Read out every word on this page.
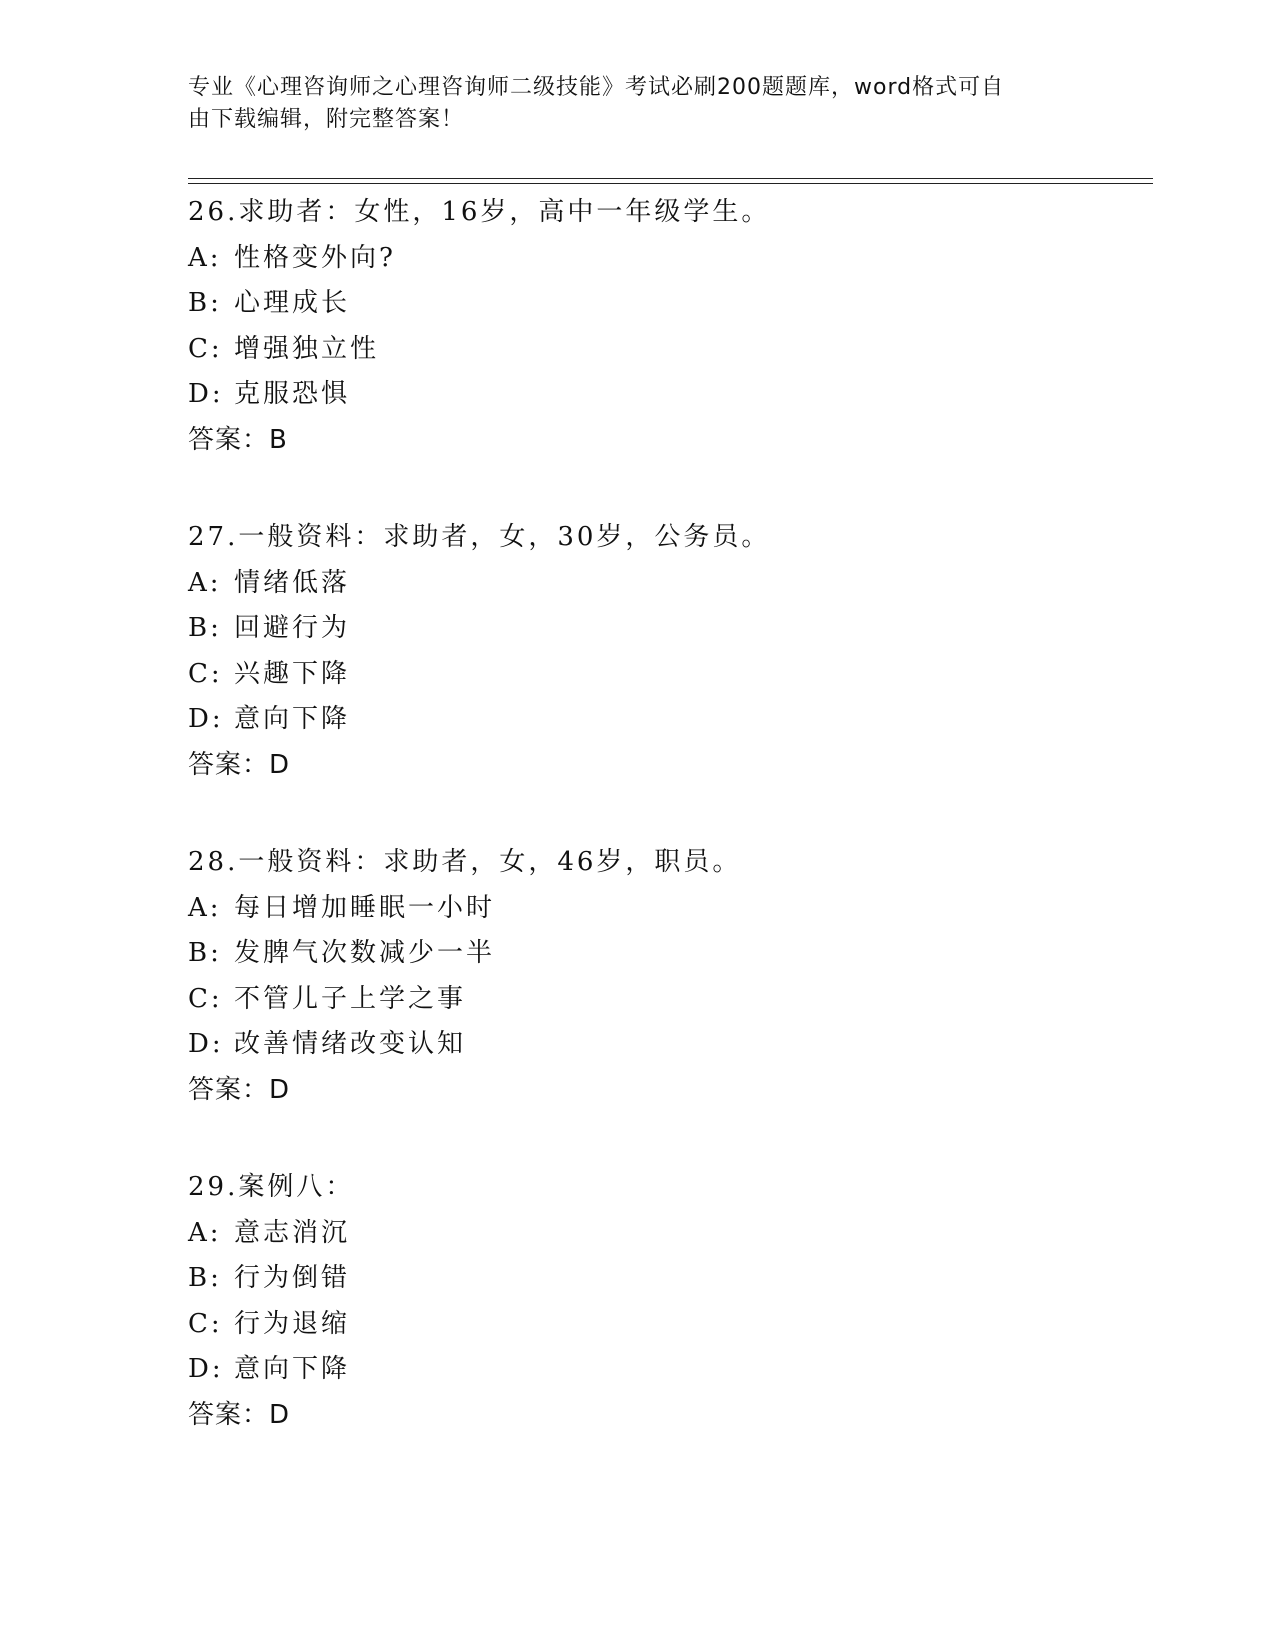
专业《心理咨询师之心理咨询师二级技能》考试必刷200题题库，word格式可自
由下载编辑，附完整答案！
26.求助者：女性，16岁，高中一年级学生。
A: 性格变外向?
B: 心理成长
C: 增强独立性
D: 克服恐惧
答案：B
27.一般资料：求助者，女，30岁，公务员。
A: 情绪低落
B: 回避行为
C: 兴趣下降
D: 意向下降
答案：D
28.一般资料：求助者，女，46岁，职员。
A: 每日增加睡眠一小时
B: 发脾气次数减少一半
C: 不管儿子上学之事
D: 改善情绪改变认知
答案：D
29.案例八：
A: 意志消沉
B: 行为倒错
C: 行为退缩
D: 意向下降
答案：D
